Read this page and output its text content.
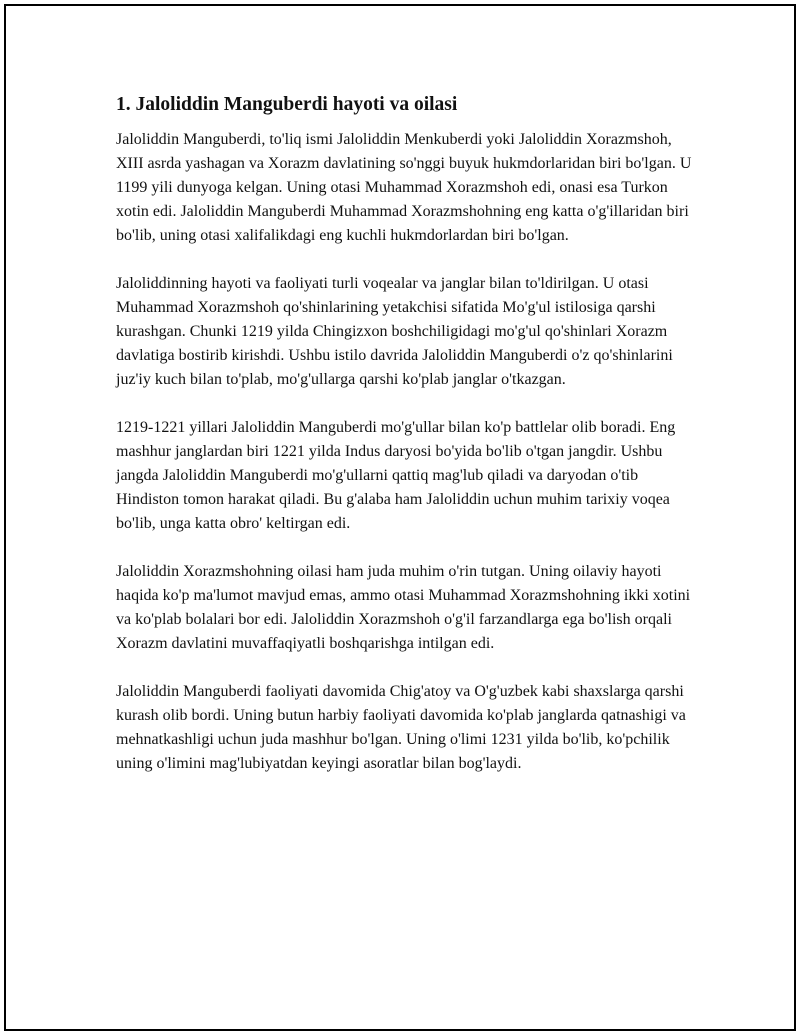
1. Jaloliddin Manguberdi hayoti va oilasi

Jaloliddin Manguberdi, to'liq ismi Jaloliddin Menkuberdi yoki Jaloliddin Xorazmshoh, XIII asrda yashagan va Xorazm davlatining so'nggi buyuk hukmdorlaridan biri bo'lgan. U 1199 yili dunyoga kelgan. Uning otasi Muhammad Xorazmshoh edi, onasi esa Turkon xotin edi. Jaloliddin Manguberdi Muhammad Xorazmshohning eng katta o'g'illaridan biri bo'lib, uning otasi xalifalikdagi eng kuchli hukmdorlardan biri bo'lgan.

Jaloliddinning hayoti va faoliyati turli voqealar va janglar bilan to'ldirilgan. U otasi Muhammad Xorazmshoh qo'shinlarining yetakchisi sifatida Mo'g'ul istilosiga qarshi kurashgan. Chunki 1219 yilda Chingizxon boshchiligidagi mo'g'ul qo'shinlari Xorazm davlatiga bostirib kirishdi. Ushbu istilo davrida Jaloliddin Manguberdi o'z qo'shinlarini juz'iy kuch bilan to'plab, mo'g'ullarga qarshi ko'plab janglar o'tkazgan.

1219-1221 yillari Jaloliddin Manguberdi mo'g'ullar bilan ko'p battlelar olib boradi. Eng mashhur janglardan biri 1221 yilda Indus daryosi bo'yida bo'lib o'tgan jangdir. Ushbu jangda Jaloliddin Manguberdi mo'g'ullarni qattiq mag'lub qiladi va daryodan o'tib Hindiston tomon harakat qiladi. Bu g'alaba ham Jaloliddin uchun muhim tarixiy voqea bo'lib, unga katta obro' keltirgan edi.

Jaloliddin Xorazmshohning oilasi ham juda muhim o'rin tutgan. Uning oilaviy hayoti haqida ko'p ma'lumot mavjud emas, ammo otasi Muhammad Xorazmshohning ikki xotini va ko'plab bolalari bor edi. Jaloliddin Xorazmshoh o'g'il farzandlarga ega bo'lish orqali Xorazm davlatini muvaffaqiyatli boshqarishga intilgan edi.

Jaloliddin Manguberdi faoliyati davomida Chig'atoy va O'g'uzbek kabi shaxslarga qarshi kurash olib bordi. Uning butun harbiy faoliyati davomida ko'plab janglarda qatnashigi va mehnatkashligi uchun juda mashhur bo'lgan. Uning o'limi 1231 yilda bo'lib, ko'pchilik uning o'limini mag'lubiyatdan keyingi asoratlar bilan bog'laydi.
